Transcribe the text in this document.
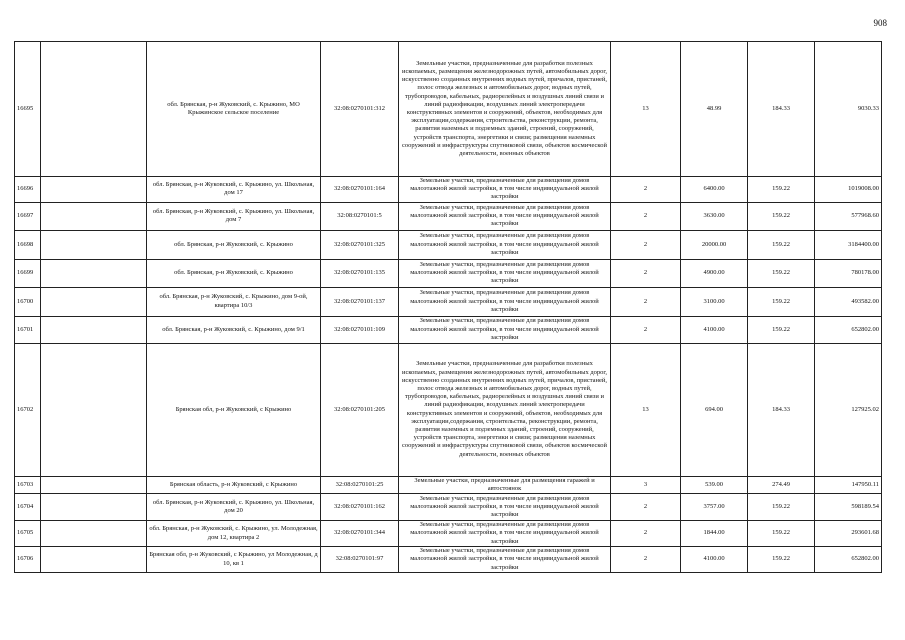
908
16695		обл. Брянская, р-н Жуковский, с. Крыжино, МО Крыжинское сельское поселение	32:08:0270101:312	Земельные участки, предназначенные для разработки полезных ископаемых, размещения железнодорожных путей, автомобильных дорог, искусственно созданных внутренних водных путей, причалов, пристаней, полос отвода железных и автомобильных дорог, водных путей, трубопроводов, кабельных, радиорелейных и воздушных линий связи и линий радиофикации, воздушных линий электропередачи конструктивных элементов и сооружений, объектов, необходимых для эксплуатации,содержания, строительства, реконструкции, ремонта, развития наземных и подземных зданий, строений, сооружений, устройств транспорта, энергетики и связи; размещения наземных сооружений и инфраструктуры спутниковой связи, объектов космической деятельности, военных объектов	13	48.99	184.33	9030.33
16696		обл. Брянская, р-н Жуковский, с. Крыжино, ул. Школьная, дом 17	32:08:0270101:164	Земельные участки, предназначенные для размещения домов малоэтажной жилой застройки, в том числе индивидуальной жилой застройки	2	6400.00	159.22	1019008.00
16697		обл. Брянская, р-н Жуковский, с. Крыжино, ул. Школьная, дом 7	32:08:0270101:5	Земельные участки, предназначенные для размещения домов малоэтажной жилой застройки, в том числе индивидуальной жилой застройки	2	3630.00	159.22	577968.60
16698		обл. Брянская, р-н Жуковский, с. Крыжино	32:08:0270101:325	Земельные участки, предназначенные для размещения домов малоэтажной жилой застройки, в том числе индивидуальной жилой застройки	2	20000.00	159.22	3184400.00
16699		обл. Брянская, р-н Жуковский, с. Крыжино	32:08:0270101:135	Земельные участки, предназначенные для размещения домов малоэтажной жилой застройки, в том числе индивидуальной жилой застройки	2	4900.00	159.22	780178.00
16700		обл. Брянская, р-н Жуковский, с. Крыжино, дом 9-ой, квартира 10/3	32:08:0270101:137	Земельные участки, предназначенные для размещения домов малоэтажной жилой застройки, в том числе индивидуальной жилой застройки	2	3100.00	159.22	493582.00
16701		обл. Брянская, р-н Жуковский, с. Крыжино, дом 9/1	32:08:0270101:109	Земельные участки, предназначенные для размещения домов малоэтажной жилой застройки, в том числе индивидуальной жилой застройки	2	4100.00	159.22	652802.00
16702		Брянская обл, р-н Жуковский, с Крыжино	32:08:0270101:205	Земельные участки, предназначенные для разработки полезных ископаемых, размещения железнодорожных путей, автомобильных дорог, искусственно созданных внутренних водных путей, причалов, пристаней, полос отвода железных и автомобильных дорог, водных путей, трубопроводов, кабельных, радиорелейных и воздушных линий связи и линий радиофикации, воздушных линий электропередачи конструктивных элементов и сооружений, объектов, необходимых для эксплуатации,содержания, строительства, реконструкции, ремонта, развития наземных и подземных зданий, строений, сооружений, устройств транспорта, энергетики и связи; размещения наземных сооружений и инфраструктуры спутниковой связи, объектов космической деятельности, военных объектов	13	694.00	184.33	127925.02
16703		Брянская область, р-н Жуковский, с Крыжино	32:08:0270101:25	Земельные участки, предназначенные для размещения гаражей и автостоянок	3	539.00	274.49	147950.11
16704		обл. Брянская, р-н Жуковский, с. Крыжино, ул. Школьная, дом 20	32:08:0270101:162	Земельные участки, предназначенные для размещения домов малоэтажной жилой застройки, в том числе индивидуальной жилой застройки	2	3757.00	159.22	598189.54
16705		обл. Брянская, р-н Жуковский, с. Крыжино, ул. Молодежная, дом 12, квартира 2	32:08:0270101:344	Земельные участки, предназначенные для размещения домов малоэтажной жилой застройки, в том числе индивидуальной жилой застройки	2	1844.00	159.22	293601.68
16706		Брянская обл, р-н Жуковский, с Крыжино, ул Молодежная, д 10, кв 1	32:08:0270101:97	Земельные участки, предназначенные для размещения домов малоэтажной жилой застройки, в том числе индивидуальной жилой застройки	2	4100.00	159.22	652802.00
